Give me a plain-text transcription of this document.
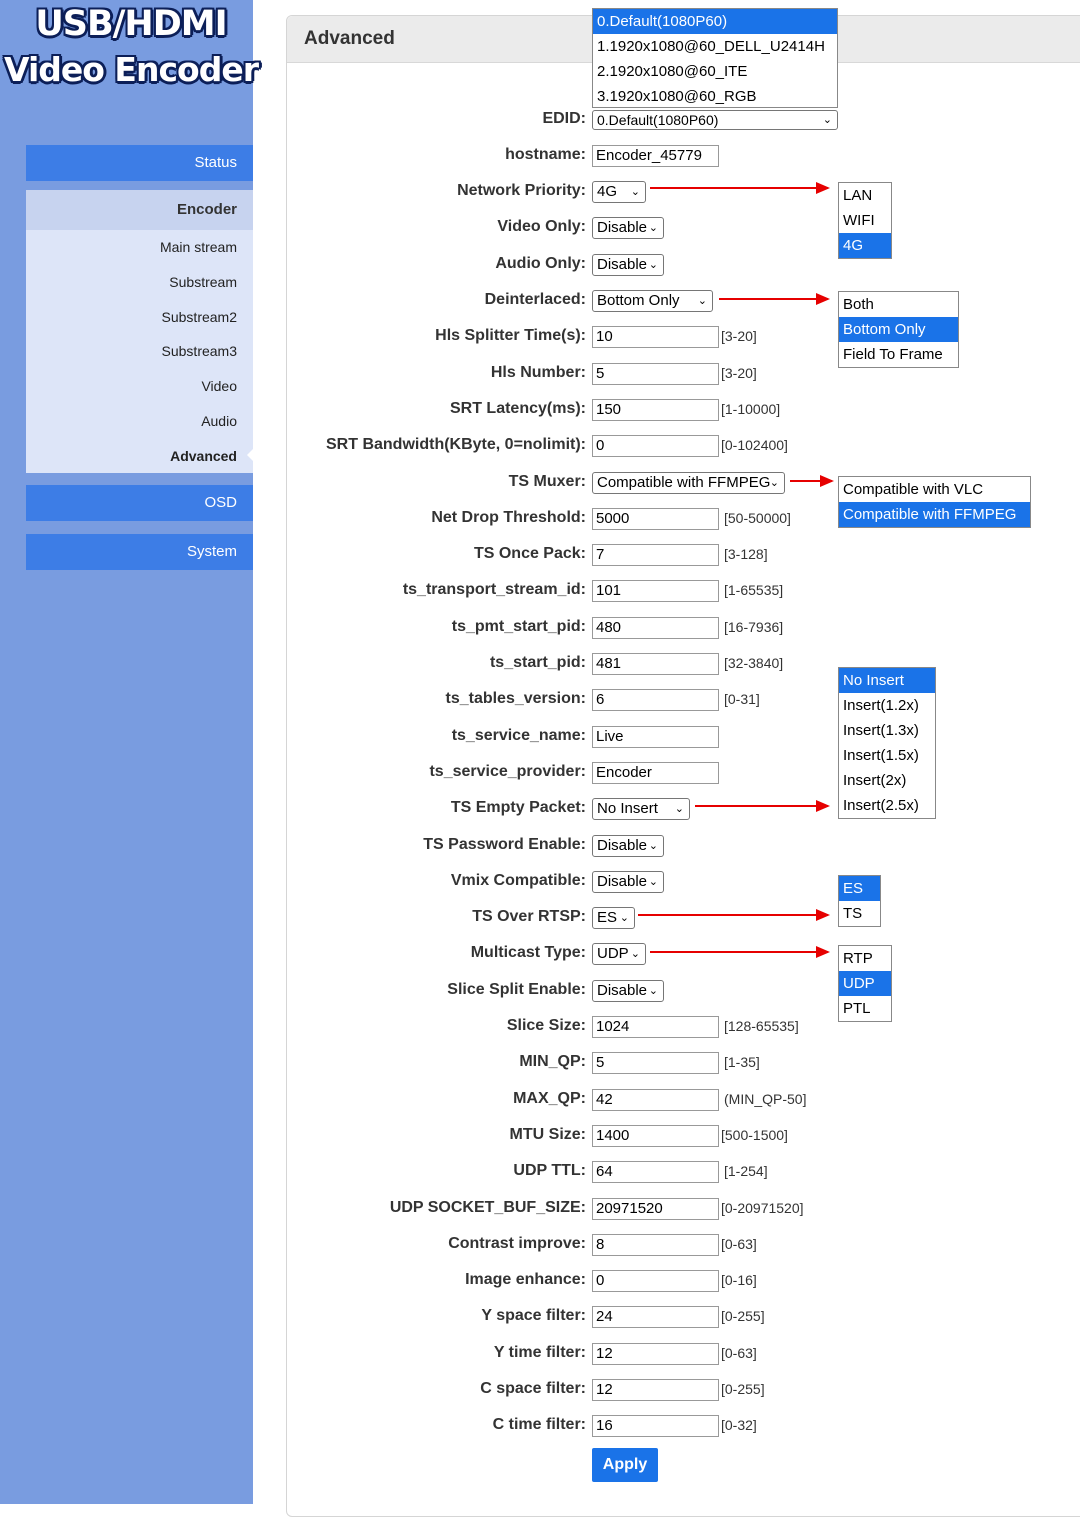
USB/HDMI
Video Encoder
Status
Encoder
Main stream
Substream
Substream2
Substream3
Video
Audio
Advanced
OSD
System
Advanced
EDID: 0.Default(1080P60)	⌄
0.Default(1080P60)
1.1920x1080@60_DELL_U2414H
2.1920x1080@60_ITE
3.1920x1080@60_RGB
hostname: Encoder_45779
Network Priority: 4G ⌄	LAN
WIFI
4G
Video Only: Disable ⌄
Audio Only: Disable ⌄
Deinterlaced: Bottom Only ⌄	Both
Bottom Only
Field To Frame
Hls Splitter Time(s): 10	[3-20]
Hls Number: 5	[3-20]
SRT Latency(ms): 150	[1-10000]
SRT Bandwidth(KByte, 0=nolimit): 0	[0-102400]
TS Muxer: Compatible with FFMPEG ⌄	Compatible with VLC
Compatible with FFMPEG
Net Drop Threshold: 5000	[50-50000]
TS Once Pack: 7	[3-128]
ts_transport_stream_id: 101	[1-65535]
ts_pmt_start_pid: 480	[16-7936]
ts_start_pid: 481	[32-3840]
ts_tables_version: 6	[0-31]
ts_service_name: Live
ts_service_provider: Encoder
TS Empty Packet: No Insert ⌄
No Insert
Insert(1.2x)
Insert(1.3x)
Insert(1.5x)
Insert(2x)
Insert(2.5x)
TS Password Enable: Disable ⌄
Vmix Compatible: Disable ⌄
TS Over RTSP: ES ⌄
ES
TS
Multicast Type: UDP ⌄	RTP
UDP
PTL
Slice Split Enable: Disable ⌄
Slice Size: 1024	[128-65535]
MIN_QP: 5	[1-35]
MAX_QP: 42	(MIN_QP-50]
MTU Size: 1400	[500-1500]
UDP TTL: 64	[1-254]
UDP SOCKET_BUF_SIZE: 20971520	[0-20971520]
Contrast improve: 8	[0-63]
Image enhance: 0	[0-16]
Y space filter: 24	[0-255]
Y time filter: 12	[0-63]
C space filter: 12	[0-255]
C time filter: 16	[0-32]
Apply
